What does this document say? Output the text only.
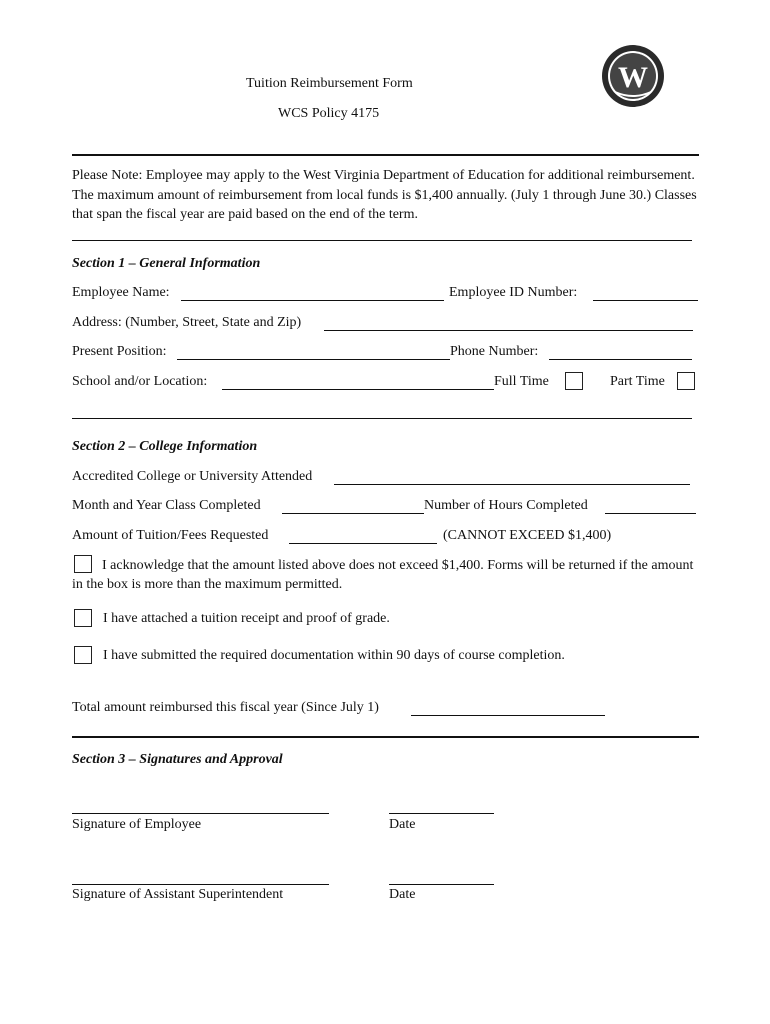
Tuition Reimbursement Form
WCS Policy 4175
W
Please Note: Employee may apply to the West Virginia Department of Education for additional reimbursement. The maximum amount of reimbursement from local funds is $1,400 annually. (July 1 through June 30.) Classes that span the fiscal year are paid based on the end of the term.
Section 1 – General Information
Employee Name:	Employee ID Number:
Address: (Number, Street, State and Zip)
Present Position:	Phone Number:
School and/or Location:	Full Time	Part Time
Section 2 – College Information
Accredited College or University Attended
Month and Year Class Completed	Number of Hours Completed
Amount of Tuition/Fees Requested	(CANNOT EXCEED $1,400)
I acknowledge that the amount listed above does not exceed $1,400. Forms will be returned if the amount in the box is more than the maximum permitted.
I have attached a tuition receipt and proof of grade.
I have submitted the required documentation within 90 days of course completion.
Total amount reimbursed this fiscal year (Since July 1)
Section 3 – Signatures and Approval
Signature of Employee	Date
Signature of Assistant Superintendent	Date
